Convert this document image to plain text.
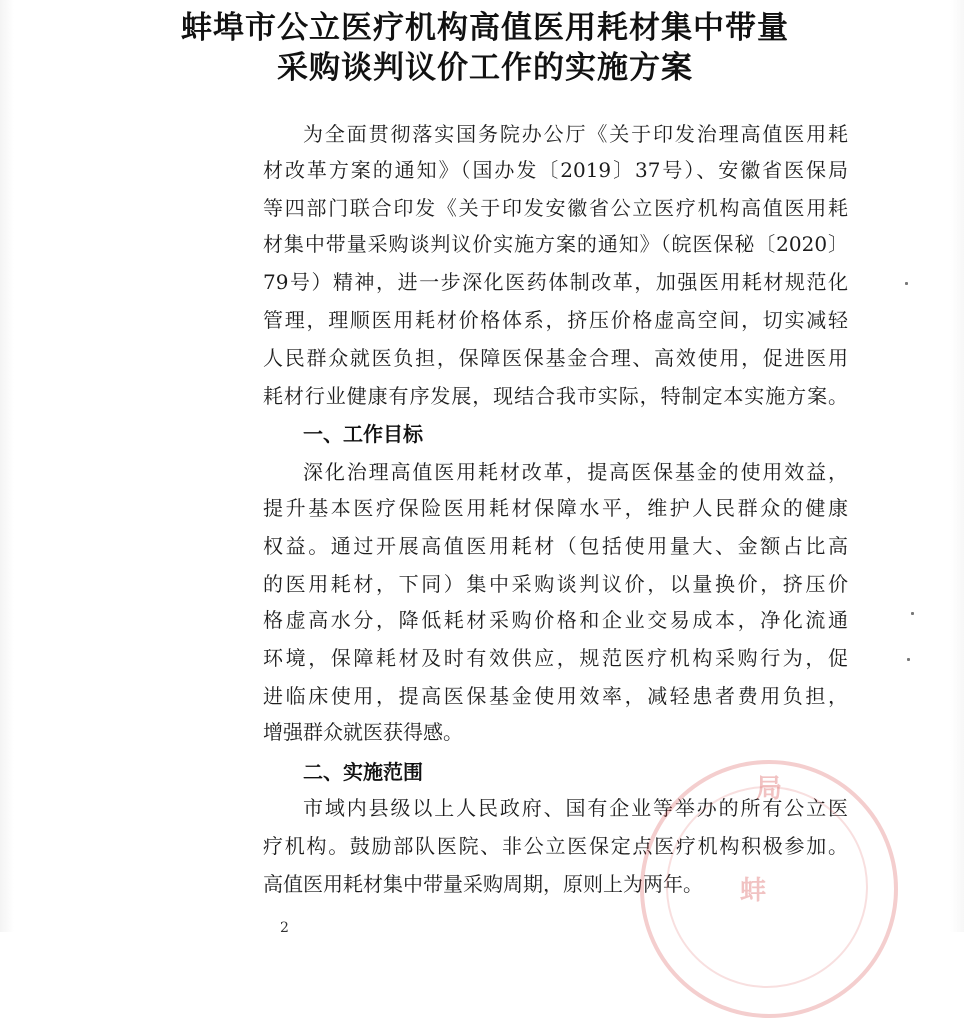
蚌埠市公立医疗机构高值医用耗材集中带量
采购谈判议价工作的实施方案
为全面贯彻落实国务院办公厅《关于印发治理高值医用耗
材改革方案的通知》（国办发〔2019〕37号）、安徽省医保局
等四部门联合印发《关于印发安徽省公立医疗机构高值医用耗
材集中带量采购谈判议价实施方案的通知》（皖医保秘〔2020〕
79号）精神，进一步深化医药体制改革，加强医用耗材规范化
管理，理顺医用耗材价格体系，挤压价格虚高空间，切实减轻
人民群众就医负担，保障医保基金合理、高效使用，促进医用
耗材行业健康有序发展，现结合我市实际，特制定本实施方案。
一、工作目标
深化治理高值医用耗材改革，提高医保基金的使用效益，
提升基本医疗保险医用耗材保障水平，维护人民群众的健康
权益。通过开展高值医用耗材（包括使用量大、金额占比高
的医用耗材，下同）集中采购谈判议价，以量换价，挤压价
格虚高水分，降低耗材采购价格和企业交易成本，净化流通
环境，保障耗材及时有效供应，规范医疗机构采购行为，促
进临床使用，提高医保基金使用效率，减轻患者费用负担，
增强群众就医获得感。
二、实施范围
市域内县级以上人民政府、国有企业等举办的所有公立医
疗机构。鼓励部队医院、非公立医保定点医疗机构积极参加。
高值医用耗材集中带量采购周期，原则上为两年。
局
蚌
2
